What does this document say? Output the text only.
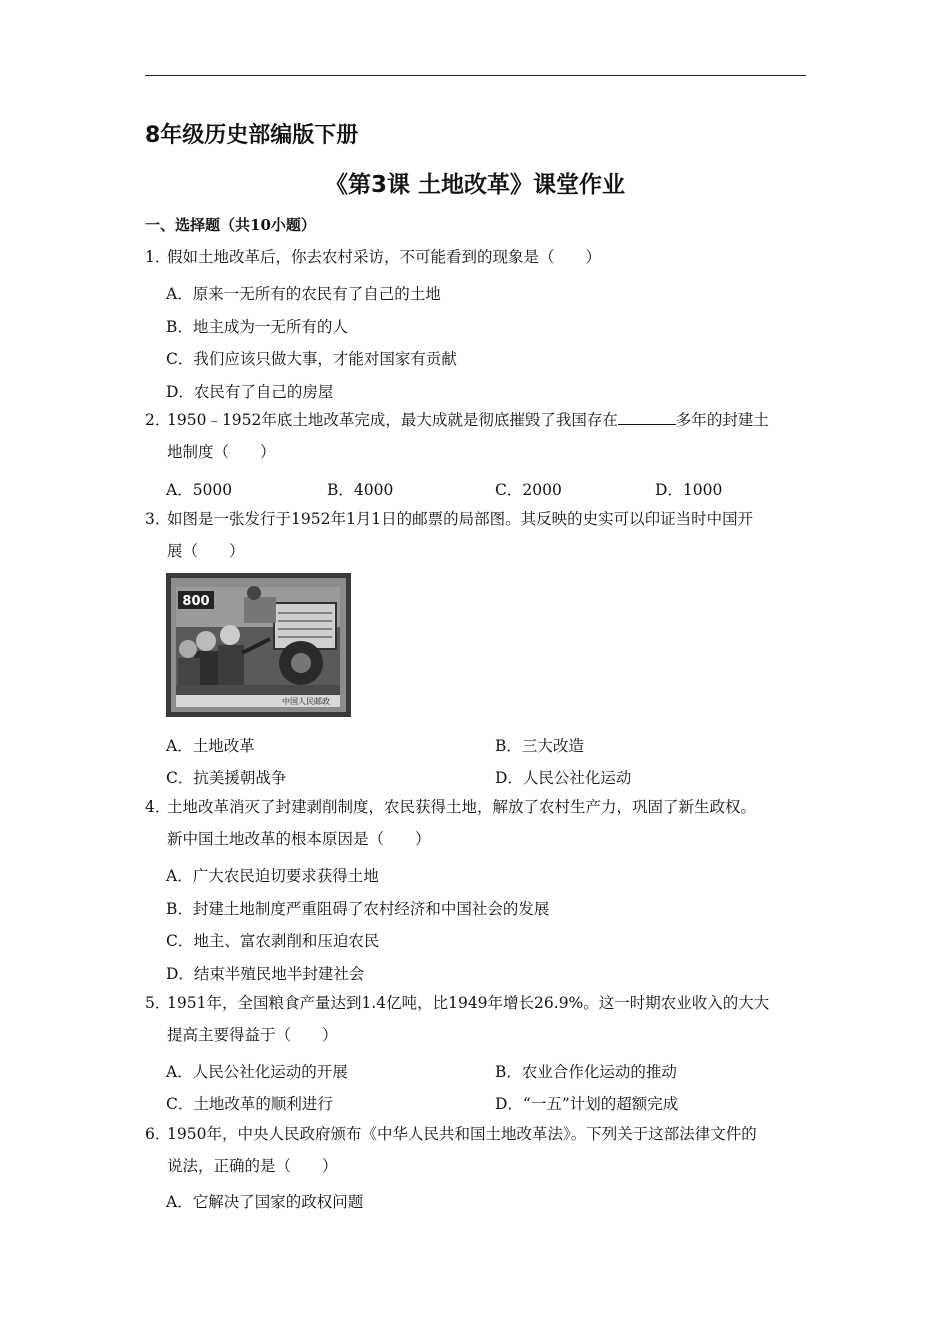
8年级历史部编版下册
《第3课 土地改革》课堂作业
一、选择题（共10小题）
1．假如土地改革后，你去农村采访，不可能看到的现象是（　　）
A．原来一无所有的农民有了自己的土地
B．地主成为一无所有的人
C．我们应该只做大事，才能对国家有贡献
D．农民有了自己的房屋
2．1950﹣1952年底土地改革完成，最大成就是彻底摧毁了我国存在	多年的封建土
地制度（　　）
A．5000	B．4000	C．2000	D．1000
3．如图是一张发行于1952年1月1日的邮票的局部图。其反映的史实可以印证当时中国开
展（　　）
800
中国人民邮政
A．土地改革	B．三大改造
C．抗美援朝战争	D．人民公社化运动
4．土地改革消灭了封建剥削制度，农民获得土地，解放了农村生产力，巩固了新生政权。
新中国土地改革的根本原因是（　　）
A．广大农民迫切要求获得土地
B．封建土地制度严重阻碍了农村经济和中国社会的发展
C．地主、富农剥削和压迫农民
D．结束半殖民地半封建社会
5．1951年，全国粮食产量达到1.4亿吨，比1949年增长26.9%。这一时期农业收入的大大
提高主要得益于（　　）
A．人民公社化运动的开展	B．农业合作化运动的推动
C．土地改革的顺利进行	D．“一五”计划的超额完成
6．1950年，中央人民政府颁布《中华人民共和国土地改革法》。下列关于这部法律文件的
说法，正确的是（　　）
A．它解决了国家的政权问题
